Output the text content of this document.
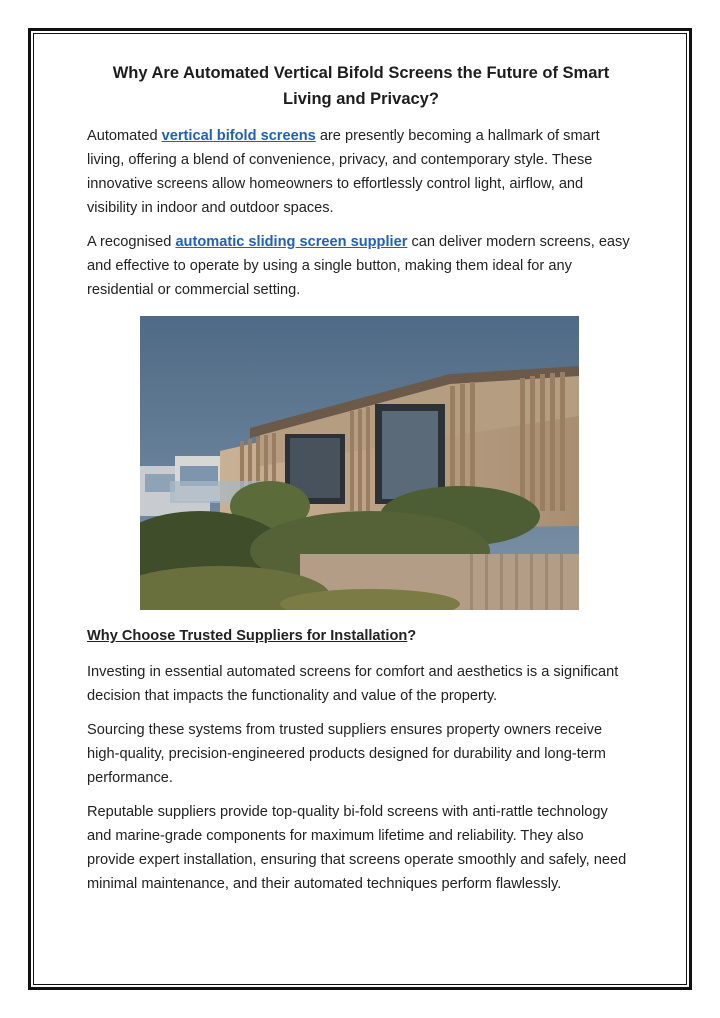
Why Are Automated Vertical Bifold Screens the Future of Smart Living and Privacy?

Automated vertical bifold screens are presently becoming a hallmark of smart living, offering a blend of convenience, privacy, and contemporary style. These innovative screens allow homeowners to effortlessly control light, airflow, and visibility in indoor and outdoor spaces.

A recognised automatic sliding screen supplier can deliver modern screens, easy and effective to operate by using a single button, making them ideal for any residential or commercial setting.

Why Choose Trusted Suppliers for Installation?

Investing in essential automated screens for comfort and aesthetics is a significant decision that impacts the functionality and value of the property.

Sourcing these systems from trusted suppliers ensures property owners receive high-quality, precision-engineered products designed for durability and long-term performance.

Reputable suppliers provide top-quality bi-fold screens with anti-rattle technology and marine-grade components for maximum lifetime and reliability. They also provide expert installation, ensuring that screens operate smoothly and safely, need minimal maintenance, and their automated techniques perform flawlessly.
